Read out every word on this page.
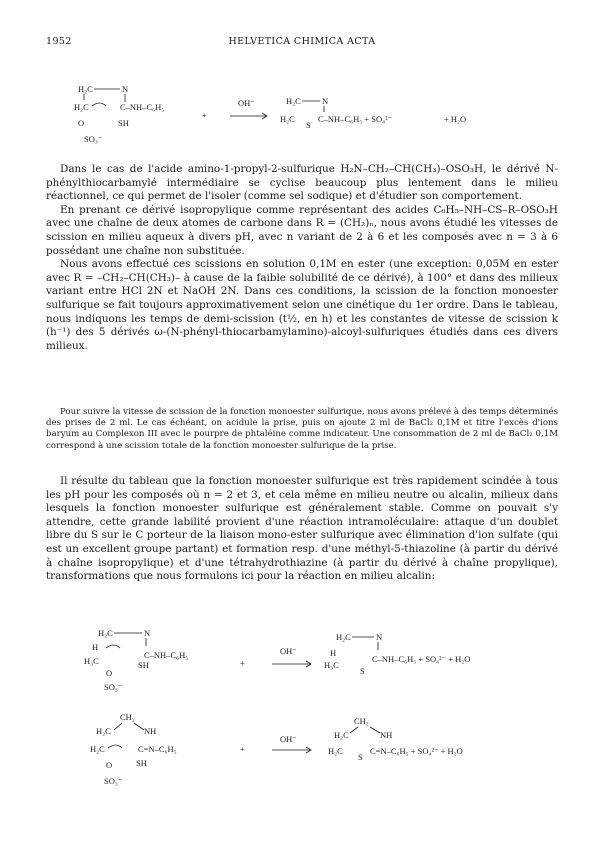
1952	HELVETICA CHIMICA ACTA
H₂C	N
H₂C	C–NH–C₆H₅
O	SH
SO₃⁻
+
OH⁻	H₂C N
H₂C
S
C–NH–C₆H₅ + SO₄²⁻	+ H₂O

Dans le cas de l'acide amino-1-propyl-2-sulfurique H₂N–CH₂–CH(CH₃)–OSO₃H, le dérivé N-phénylthiocarbamylé intermédiaire se cyclise beaucoup plus lentement dans le milieu réactionnel, ce qui permet de l'isoler (comme sel sodique) et d'étudier son comportement.

En prenant ce dérivé isopropylique comme représentant des acides C₆H₅–NH–CS–R–OSO₃H avec une chaîne de deux atomes de carbone dans R = (CH₂)ₙ, nous avons étudié les vitesses de scission en milieu aqueux à divers pH, avec n variant de 2 à 6 et les composés avec n = 3 à 6 possédant une chaîne non substituée.

Nous avons effectué ces scissions en solution 0,1M en ester (une exception: 0,05M en ester avec R = –CH₂–CH(CH₃)– à cause de la faible solubilité de ce dérivé), à 100° et dans des milieux variant entre HCl 2N et NaOH 2N. Dans ces conditions, la scission de la fonction monoester sulfurique se fait toujours approximativement selon une cinétique du 1er ordre. Dans le tableau, nous indiquons les temps de demi-scission (t½, en h) et les constantes de vitesse de scission k (h⁻¹) des 5 dérivés ω-(N-phényl-thiocarbamylamino)-alcoyl-sulfuriques étudiés dans ces divers milieux.

Pour suivre la vitesse de scission de la fonction monoester sulfurique, nous avons prélevé à des temps déterminés des prises de 2 ml. Le cas échéant, on acidule la prise, puis on ajoute 2 ml de BaCl₂ 0,1M et titre l'excès d'ions baryum au Complexon III avec le pourpre de phtaléine comme indicateur. Une consommation de 2 ml de BaCl₂ 0,1M correspond à une scission totale de la fonction monoester sulfurique de la prise.

Il résulte du tableau que la fonction monoester sulfurique est très rapidement scindée à tous les pH pour les composés où n = 2 et 3, et cela même en milieu neutre ou alcalin, milieux dans lesquels la fonction monoester sulfurique est généralement stable. Comme on pouvait s'y attendre, cette grande labilité provient d'une réaction intramoléculaire: attaque d'un doublet libre du S sur le C porteur de la liaison mono-ester sulfurique avec élimination d'ion sulfate (qui est un excellent groupe partant) et formation resp. d'une méthyl-5-thiazoline (à partir du dérivé à chaîne isopropylique) et d'une tétrahydrothiazine (à partir du dérivé à chaîne propylique), transformations que nous formulons ici pour la réaction en milieu alcalin:

H₂C	N
H
C–NH–C₆H₅
H₃C
O
SH
SO₃⁻
+
OH⁻
H₂C	N
H
H₃C
S
C–NH–C₆H₅ + SO₄²⁻ + H₂O
CH₂
H₂C	NH
H₂C	C=N–C₆H₅
O	SH
SO₃⁻
+
OH⁻
CH₂
H₂C	NH
H₂C
S
C=N–C₆H₅ + SO₄²⁻ + H₂O
